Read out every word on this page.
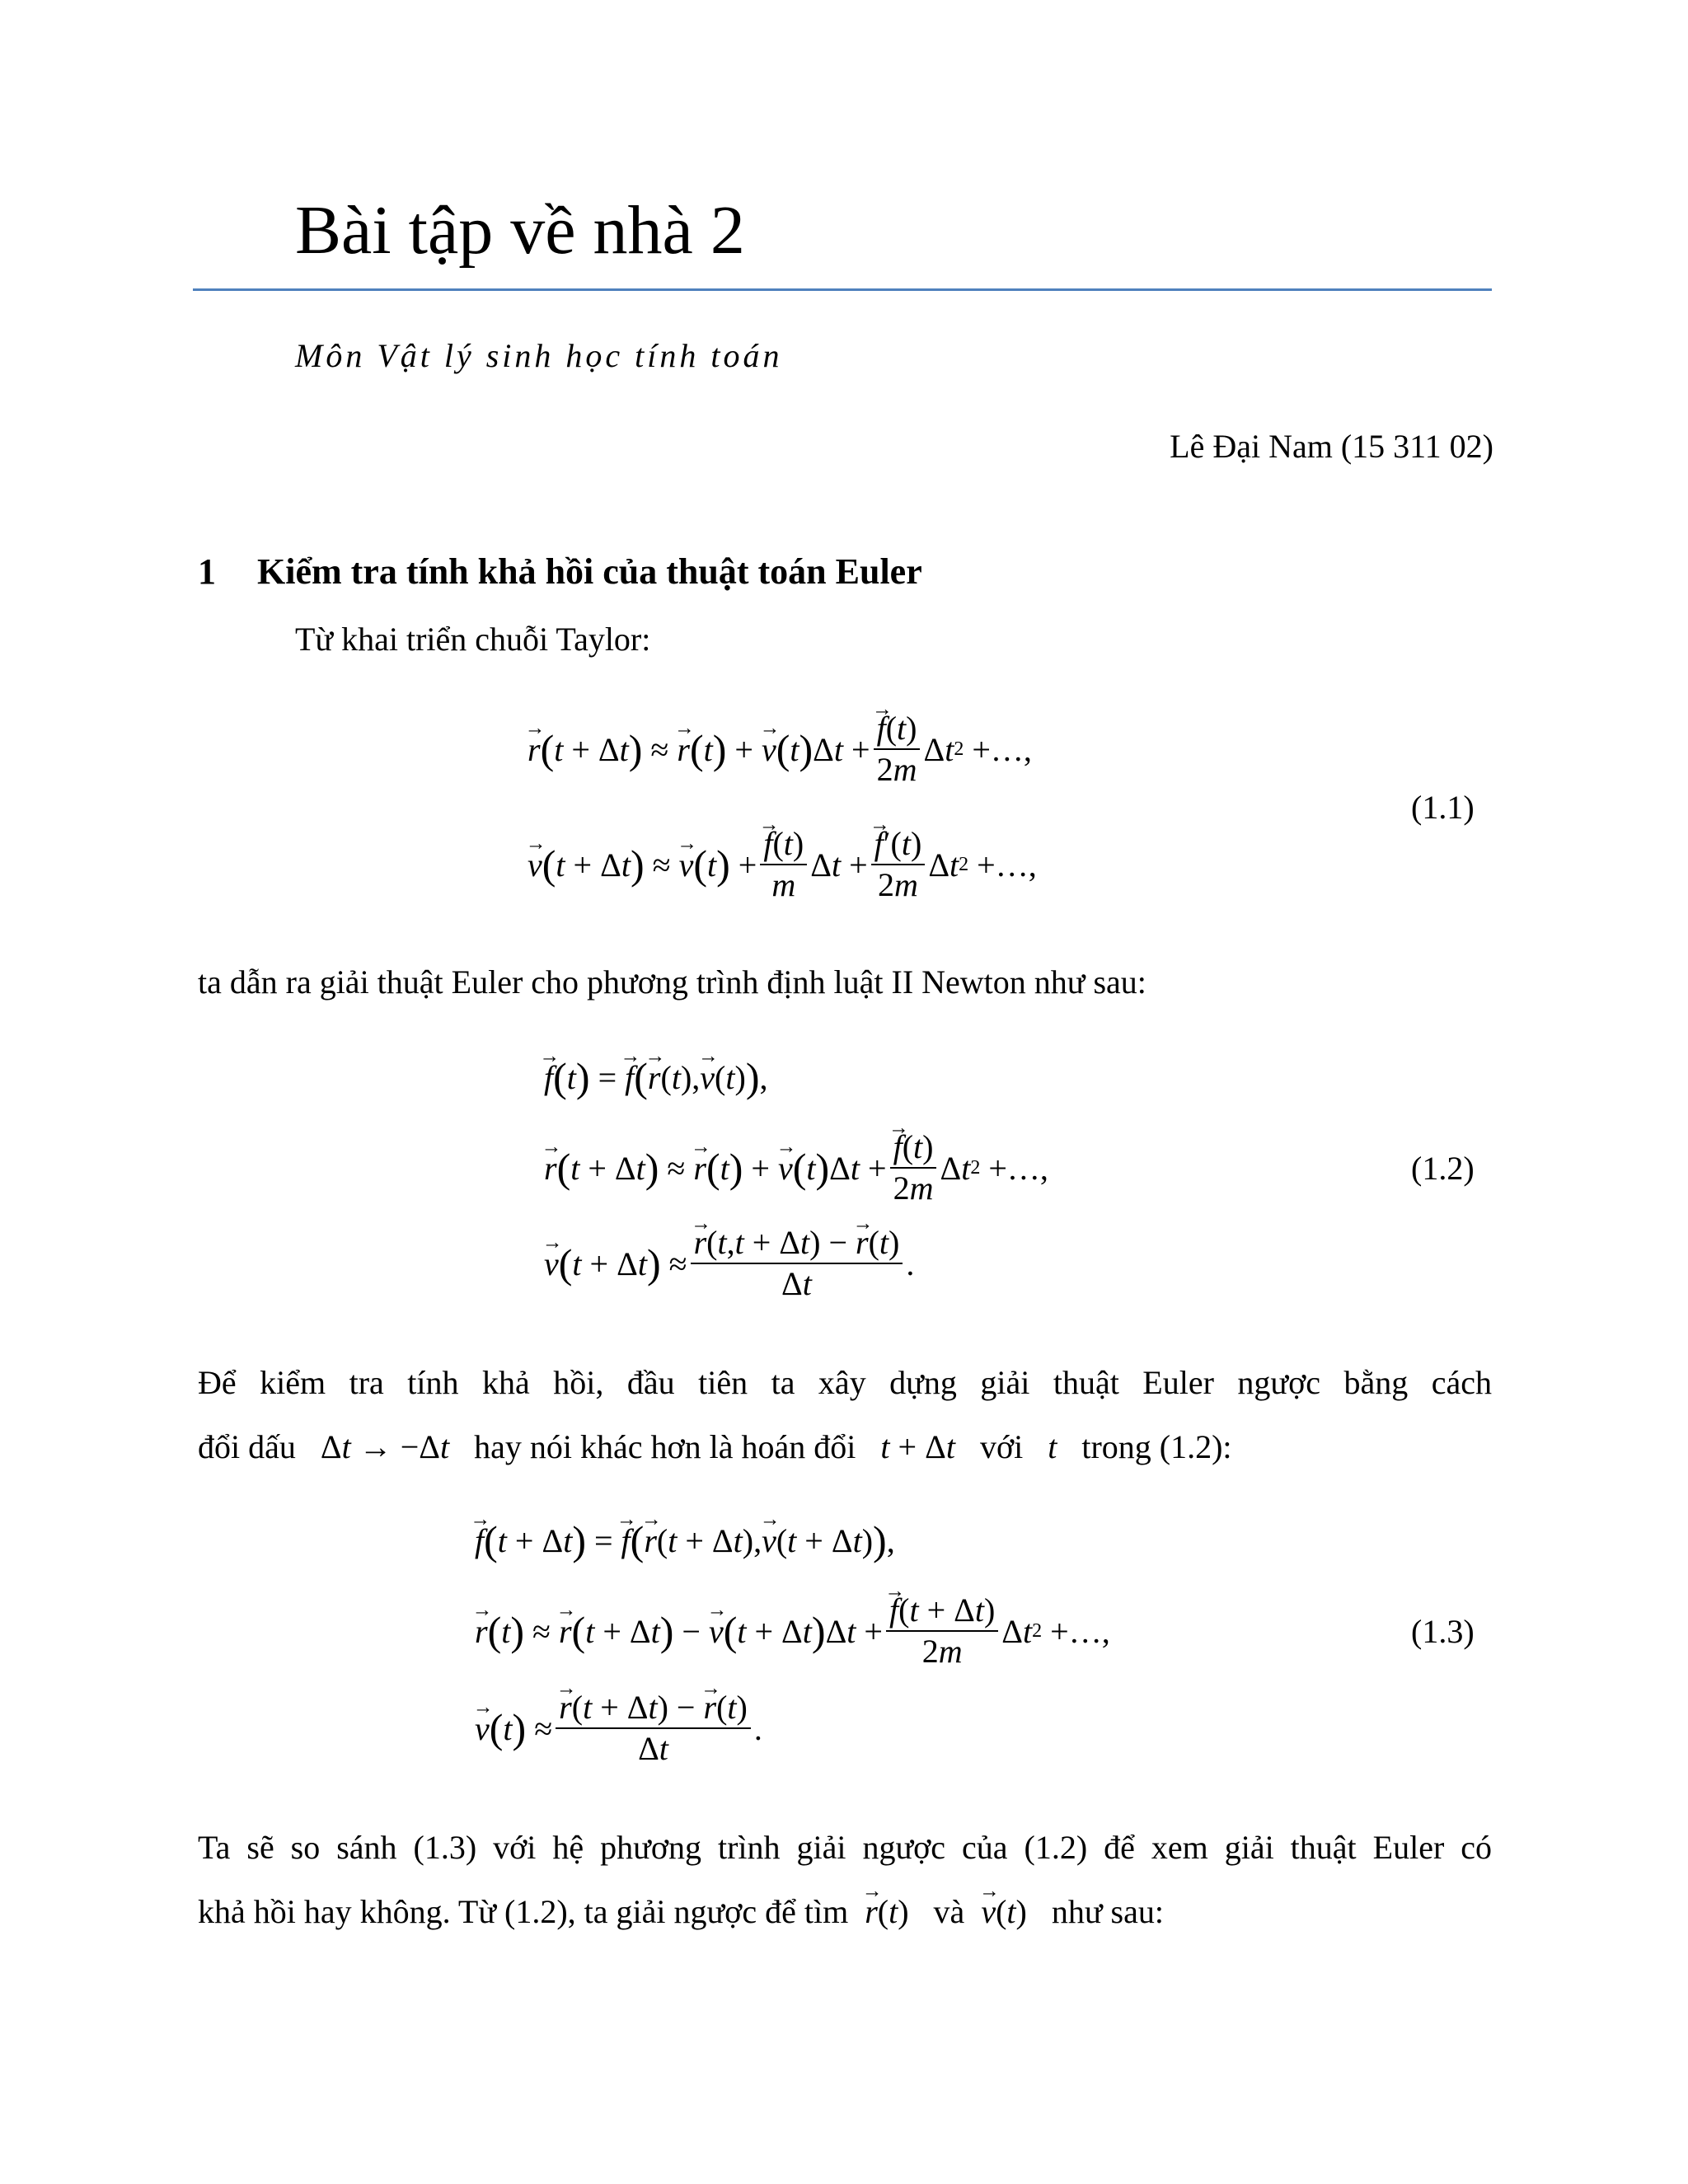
Bài tập về nhà 2
Môn Vật lý sinh học tính toán
Lê Đại Nam (15 311 02)
1 Kiểm tra tính khả hồi của thuật toán Euler
Từ khai triển chuỗi Taylor:
→ r ( t + Δ t ) ≈ → r ( t ) + → v ( t ) Δ t + → $\frac{f(t)}{2m}$ Δ t 2 +…,
→ v ( t + Δ t ) ≈ → v ( t ) + → $\frac{f(t)}{m}$ Δ t + → $\frac{f'(t)}{2m}$ Δ t 2 +…,
(1.1)
ta dẫn ra giải thuật Euler cho phương trình định luật II Newton như sau:
→ f ( t ) = → f ( → r ( t ), → v ( t ) ) ,
→ r ( t + Δ t ) ≈ → r ( t ) + → v ( t ) Δ t + → $\frac{f(t)}{2m}$ Δ t 2 +…,
→ v ( t + Δ t ) ≈ → $\frac{r(t,t + \Delta t) - \to r(t)}{\Delta t}$ .
(1.2)
Để kiểm tra tính khả hồi, đầu tiên ta xây dựng giải thuật Euler ngược bằng cách
đổi dấu   Δt → −Δt hay nói khác hơn là hoán đổi t + Δt với t trong (1.2):
→ f ( t + Δ t ) = → f ( → r ( t + Δ t ), → v ( t + Δ t ) ) ,
→ r ( t ) ≈ → r ( t + Δ t ) − → v ( t + Δ t ) Δ t + → $\frac{f(t + \Delta t)}{2m}$ Δ t 2 +…,
→ v ( t ) ≈ → $\frac{r(t + \Delta t) - \to r(t)}{\Delta t}$ .
(1.3)
Ta sẽ so sánh (1.3) với hệ phương trình giải ngược của (1.2) để xem giải thuật Euler có
khả hồi hay không. Từ (1.2), ta giải ngược để tìm → r(t)   và → v(t)   như sau:
